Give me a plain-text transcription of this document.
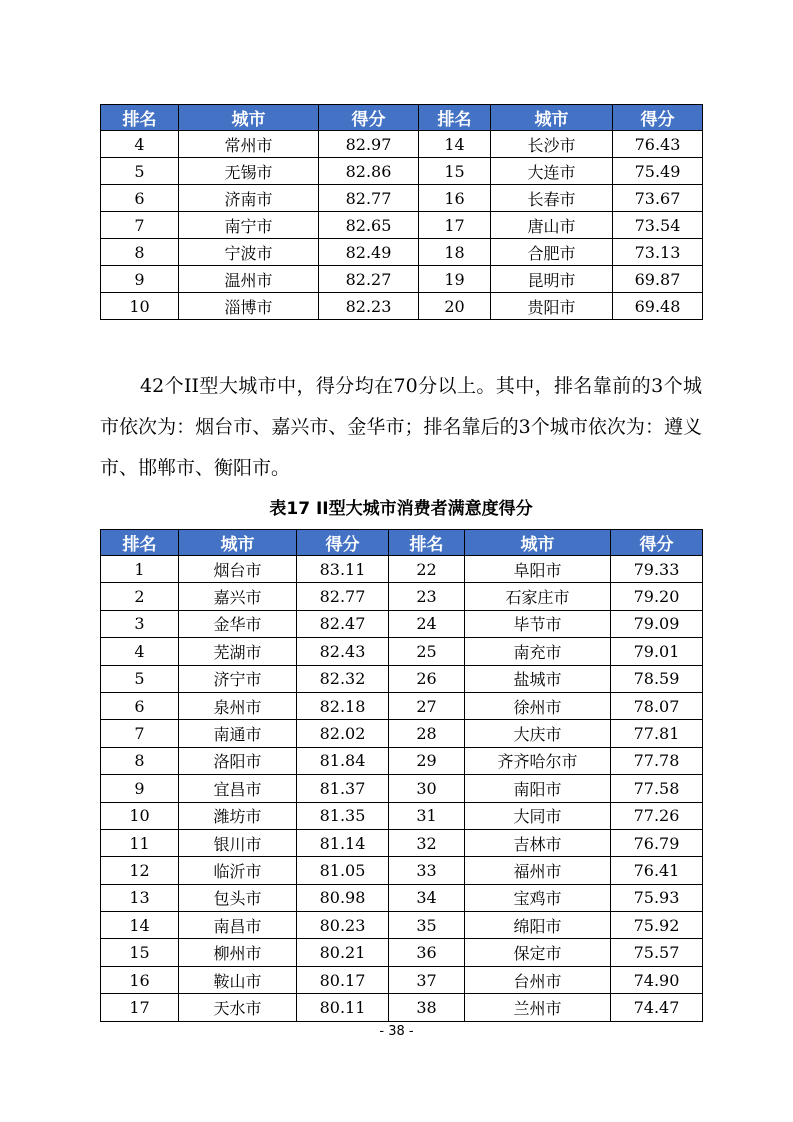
排名	城市	得分	排名	城市	得分
4	常州市	82.97	14	长沙市	76.43
5	无锡市	82.86	15	大连市	75.49
6	济南市	82.77	16	长春市	73.67
7	南宁市	82.65	17	唐山市	73.54
8	宁波市	82.49	18	合肥市	73.13
9	温州市	82.27	19	昆明市	69.87
10	淄博市	82.23	20	贵阳市	69.48

42个II型大城市中，得分均在70分以上。其中，排名靠前的3个城市依次为：烟台市、嘉兴市、金华市；排名靠后的3个城市依次为：遵义市、邯郸市、衡阳市。

表17 II型大城市消费者满意度得分
排名	城市	得分	排名	城市	得分
1	烟台市	83.11	22	阜阳市	79.33
2	嘉兴市	82.77	23	石家庄市	79.20
3	金华市	82.47	24	毕节市	79.09
4	芜湖市	82.43	25	南充市	79.01
5	济宁市	82.32	26	盐城市	78.59
6	泉州市	82.18	27	徐州市	78.07
7	南通市	82.02	28	大庆市	77.81
8	洛阳市	81.84	29	齐齐哈尔市	77.78
9	宜昌市	81.37	30	南阳市	77.58
10	潍坊市	81.35	31	大同市	77.26
11	银川市	81.14	32	吉林市	76.79
12	临沂市	81.05	33	福州市	76.41
13	包头市	80.98	34	宝鸡市	75.93
14	南昌市	80.23	35	绵阳市	75.92
15	柳州市	80.21	36	保定市	75.57
16	鞍山市	80.17	37	台州市	74.90
17	天水市	80.11	38	兰州市	74.47
- 38 -
